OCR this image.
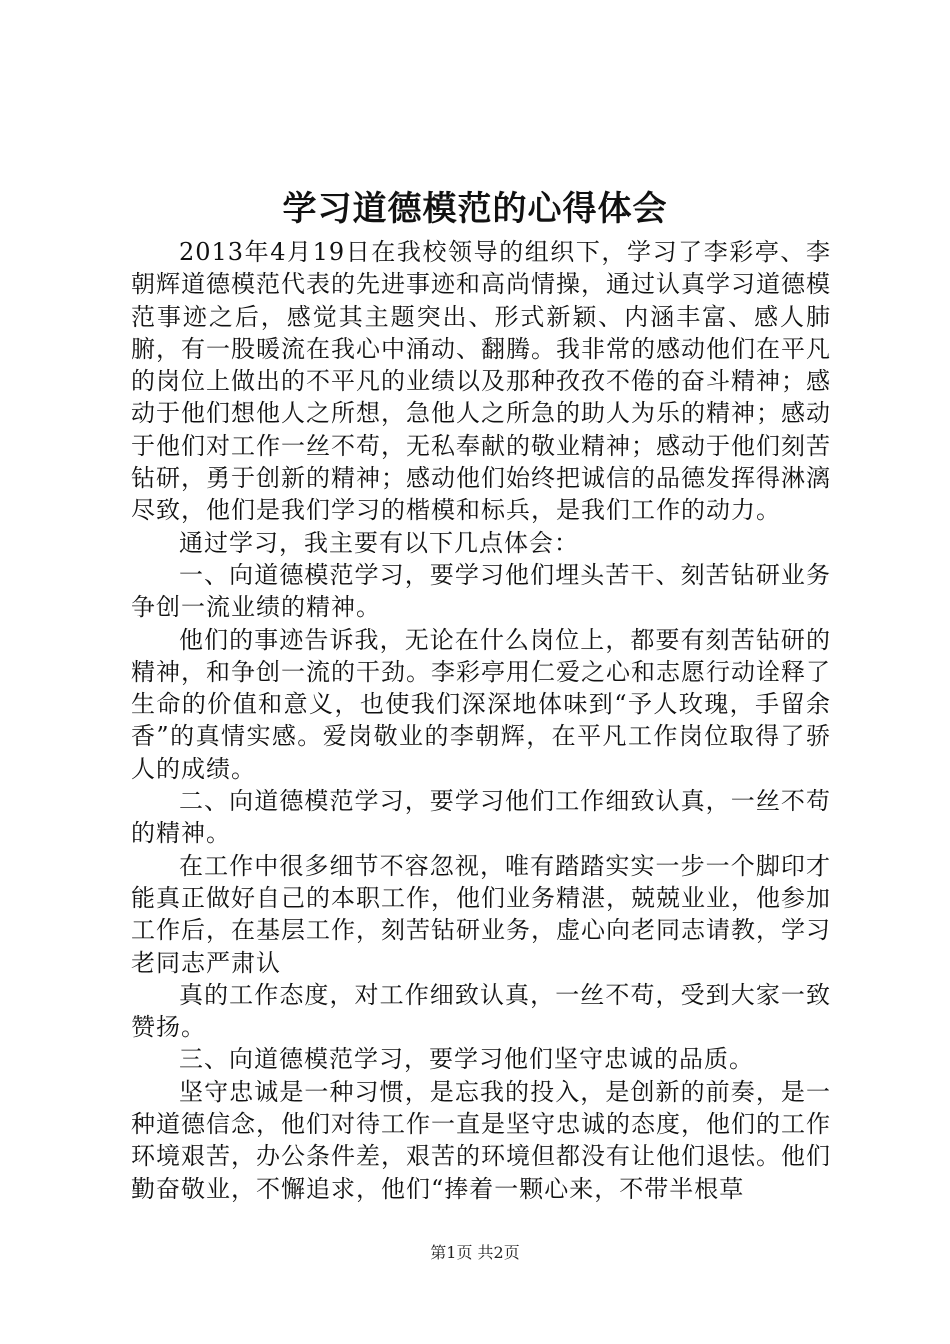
学习道德模范的心得体会

2013年4月19日在我校领导的组织下，学习了李彩亭、李朝辉道德模范代表的先进事迹和高尚情操，通过认真学习道德模范事迹之后，感觉其主题突出、形式新颖、内涵丰富、感人肺腑，有一股暖流在我心中涌动、翻腾。我非常的感动他们在平凡的岗位上做出的不平凡的业绩以及那种孜孜不倦的奋斗精神；感动于他们想他人之所想，急他人之所急的助人为乐的精神；感动于他们对工作一丝不苟，无私奉献的敬业精神；感动于他们刻苦钻研，勇于创新的精神；感动他们始终把诚信的品德发挥得淋漓尽致，他们是我们学习的楷模和标兵，是我们工作的动力。

通过学习，我主要有以下几点体会：

一、向道德模范学习，要学习他们埋头苦干、刻苦钻研业务争创一流业绩的精神。

他们的事迹告诉我，无论在什么岗位上，都要有刻苦钻研的精神，和争创一流的干劲。李彩亭用仁爱之心和志愿行动诠释了生命的价值和意义，也使我们深深地体味到“予人玫瑰，手留余香”的真情实感。爱岗敬业的李朝辉，在平凡工作岗位取得了骄人的成绩。

二、向道德模范学习，要学习他们工作细致认真，一丝不苟的精神。

在工作中很多细节不容忽视，唯有踏踏实实一步一个脚印才能真正做好自己的本职工作，他们业务精湛，兢兢业业，他参加工作后，在基层工作，刻苦钻研业务，虚心向老同志请教，学习老同志严肃认

真的工作态度，对工作细致认真，一丝不苟，受到大家一致赞扬。

三、向道德模范学习，要学习他们坚守忠诚的品质。

坚守忠诚是一种习惯，是忘我的投入，是创新的前奏，是一种道德信念，他们对待工作一直是坚守忠诚的态度，他们的工作环境艰苦，办公条件差，艰苦的环境但都没有让他们退怯。他们勤奋敬业，不懈追求，他们“捧着一颗心来，不带半根草

第1页 共2页
